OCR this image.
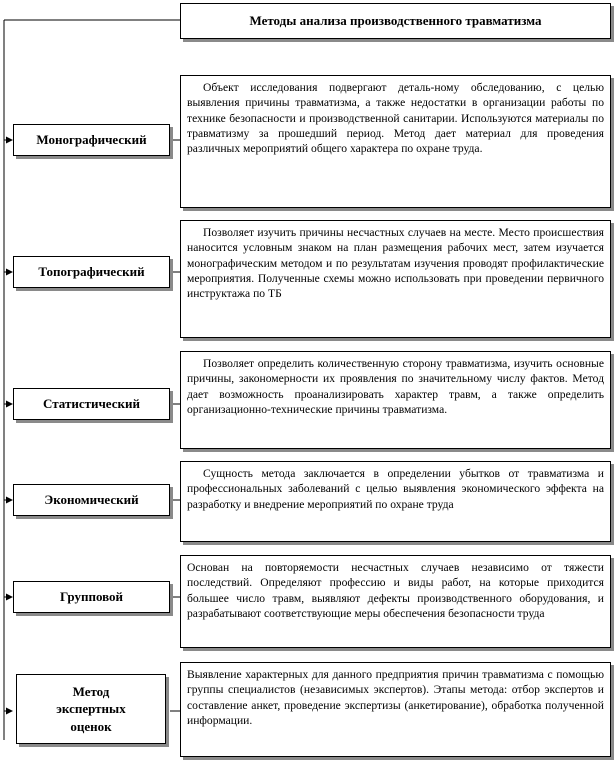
Методы анализа производственного травматизма
Монографический
Объект исследования подвергают деталь-ному обследованию, с целью выявления причины травматизма, а также недостатки в организации работы по технике безопасности и производственной санитарии. Используются материалы по травматизму за прошедший период. Метод дает материал для проведения различных мероприятий общего характера по охране труда.
Топографический
Позволяет изучить причины несчастных случаев на месте. Место происшествия наносится условным знаком на план размещения рабочих мест, затем изучается монографическим методом и по результатам изучения проводят профилактические мероприятия. Полученные схемы можно использовать при проведении первичного инструктажа по ТБ
Статистический
Позволяет определить количественную сторону травматизма, изучить основные причины, закономерности их проявления по значительному числу фактов. Метод дает возможность проанализировать характер травм, а также определить организационно-технические причины травматизма.
Экономический
Сущность метода заключается в определении убытков от травматизма и профессиональных заболеваний с целью выявления экономического эффекта на разработку и внедрение мероприятий по охране труда
Групповой
Основан на повторяемости несчастных случаев независимо от тяжести последствий. Определяют профессию и виды работ, на которые приходится большее число травм, выявляют дефекты производственного оборудования, и разрабатывают соответствующие меры обеспечения безопасности труда
Метод экспертных оценок
Выявление характерных для данного предприятия причин травматизма с помощью группы специалистов (независимых экспертов). Этапы метода: отбор экспертов и составление анкет, проведение экспертизы (анкетирование), обработка полученной информации.
